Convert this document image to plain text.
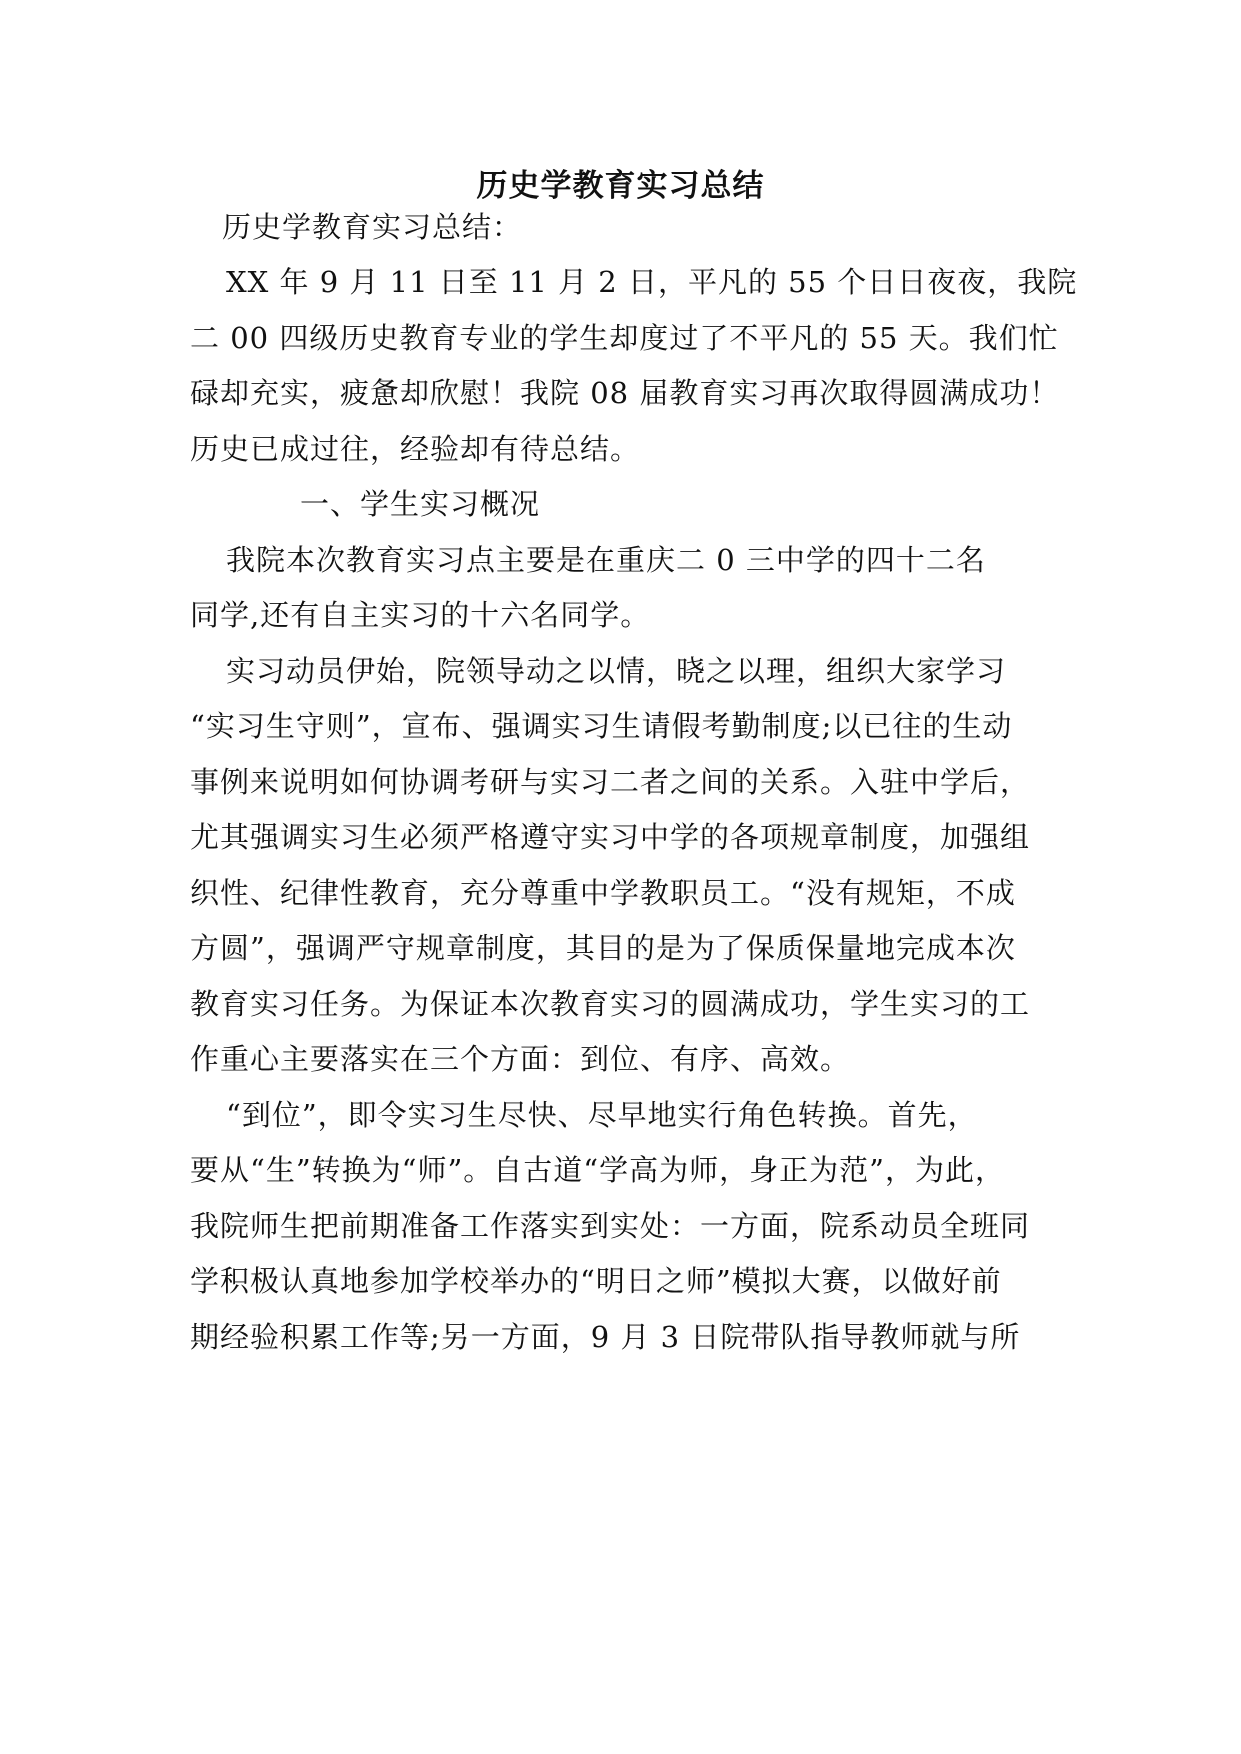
历史学教育实习总结
历史学教育实习总结：
XX 年 9 月 11 日至 11 月 2 日，平凡的 55 个日日夜夜，我院
二 00 四级历史教育专业的学生却度过了不平凡的 55 天。我们忙
碌却充实，疲惫却欣慰！我院 08 届教育实习再次取得圆满成功！
历史已成过往，经验却有待总结。
一、学生实习概况
我院本次教育实习点主要是在重庆二 0 三中学的四十二名
同学,还有自主实习的十六名同学。
实习动员伊始，院领导动之以情，晓之以理，组织大家学习
“实习生守则”，宣布、强调实习生请假考勤制度;以已往的生动
事例来说明如何协调考研与实习二者之间的关系。入驻中学后，
尤其强调实习生必须严格遵守实习中学的各项规章制度，加强组
织性、纪律性教育，充分尊重中学教职员工。“没有规矩，不成
方圆”，强调严守规章制度，其目的是为了保质保量地完成本次
教育实习任务。为保证本次教育实习的圆满成功，学生实习的工
作重心主要落实在三个方面：到位、有序、高效。
“到位”，即令实习生尽快、尽早地实行角色转换。首先，
要从“生”转换为“师”。自古道“学高为师，身正为范”，为此，
我院师生把前期准备工作落实到实处：一方面，院系动员全班同
学积极认真地参加学校举办的“明日之师”模拟大赛，以做好前
期经验积累工作等;另一方面，9 月 3 日院带队指导教师就与所
